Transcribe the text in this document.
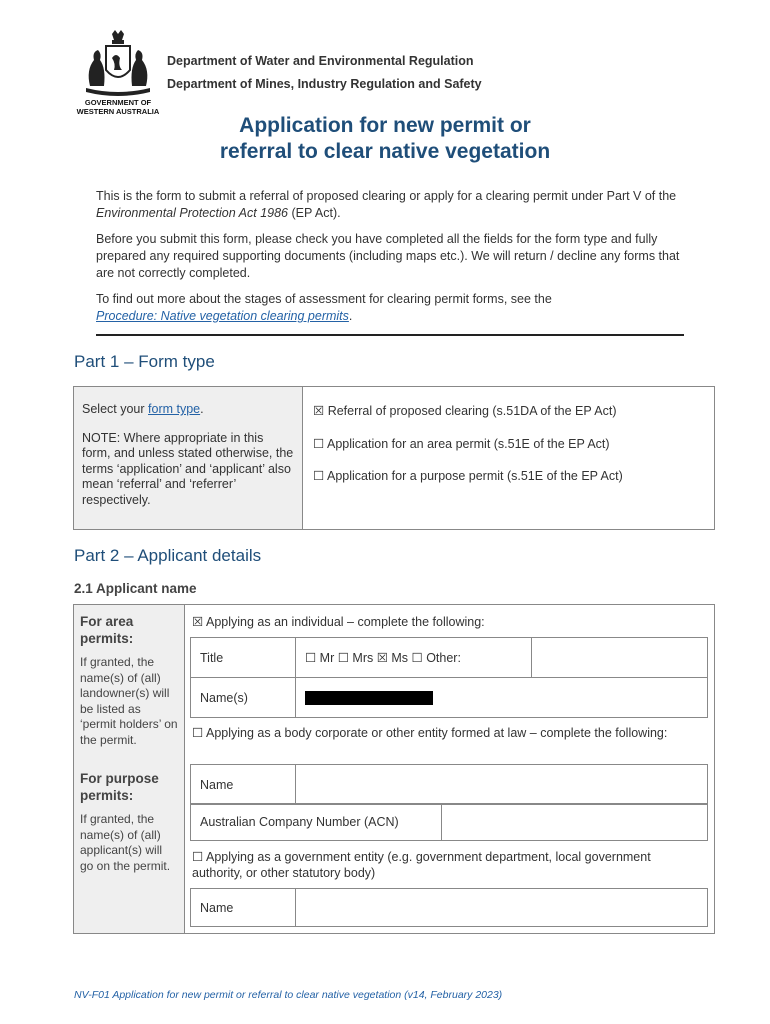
GOVERNMENT OF
WESTERN AUSTRALIA
Department of Water and Environmental Regulation
Department of Mines, Industry Regulation and Safety
Application for new permit or
referral to clear native vegetation
This is the form to submit a referral of proposed clearing or apply for a clearing permit under Part V of the Environmental Protection Act 1986 (EP Act).
Before you submit this form, please check you have completed all the fields for the form type and fully prepared any required supporting documents (including maps etc.). We will return / decline any forms that are not correctly completed.
To find out more about the stages of assessment for clearing permit forms, see the
Procedure: Native vegetation clearing permits.
Part 1 – Form type
Select your form type.
NOTE: Where appropriate in this form, and unless stated otherwise, the terms ‘application’ and ‘applicant’ also mean ‘referral’ and ‘referrer’ respectively.

☒ Referral of proposed clearing (s.51DA of the EP Act)
☐ Application for an area permit (s.51E of the EP Act)
☐ Application for a purpose permit (s.51E of the EP Act)
Part 2 – Applicant details
2.1 Applicant name
For area permits:
If granted, the name(s) of (all) landowner(s) will be listed as ‘permit holders’ on the permit.
For purpose permits:
If granted, the name(s) of (all) applicant(s) will go on the permit.

☒ Applying as an individual – complete the following:
Title	☐ Mr ☐ Mrs ☒ Ms ☐ Other:	
Name(s)	
☐ Applying as a body corporate or other entity formed at law – complete the following:
Name	
Australian Company Number (ACN)	
☐ Applying as a government entity (e.g. government department, local government authority, or other statutory body)
Name	
NV-F01 Application for new permit or referral to clear native vegetation (v14, February 2023)
